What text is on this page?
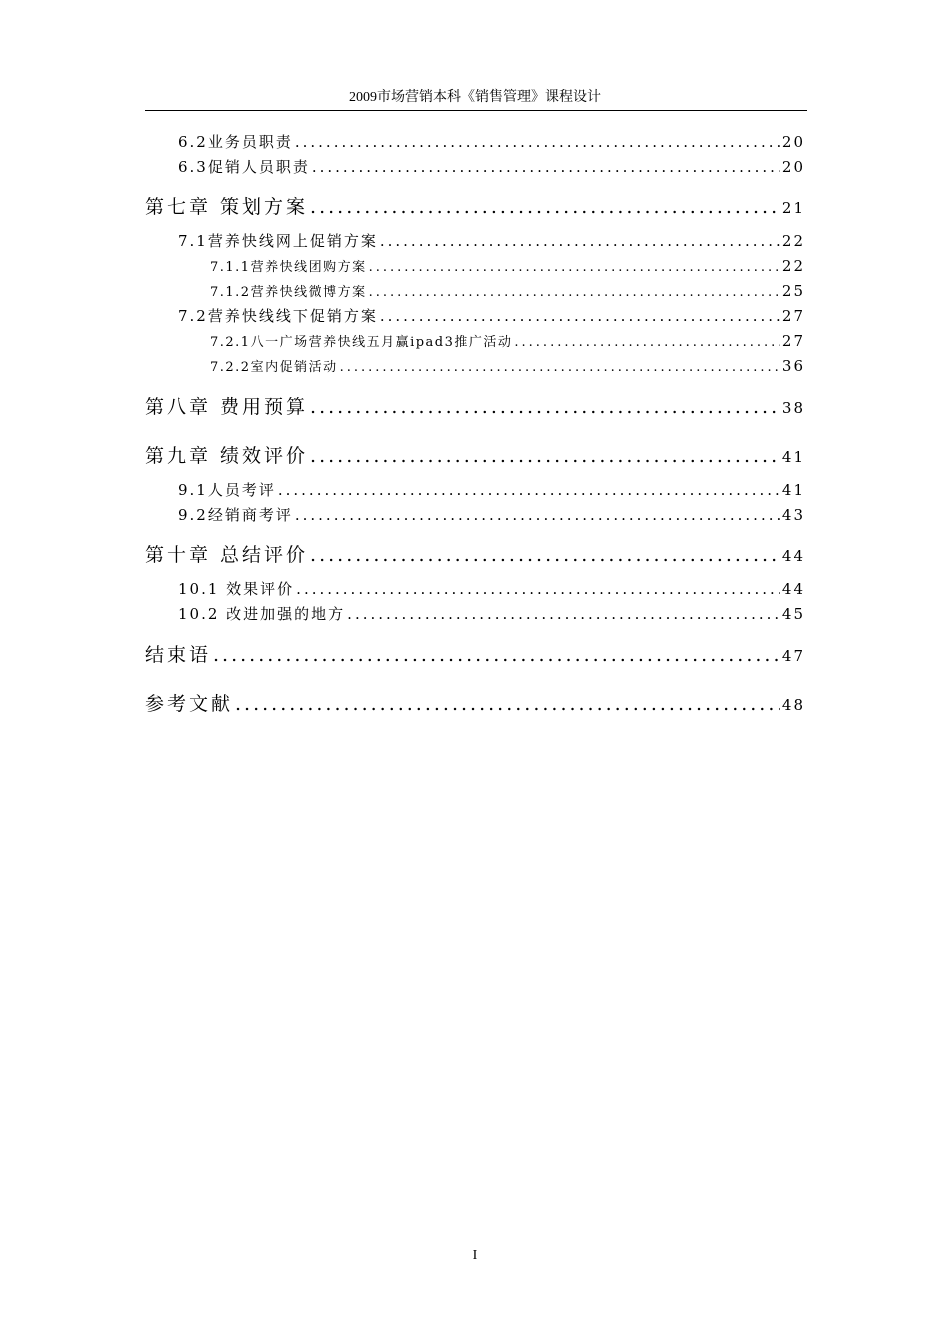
2009市场营销本科《销售管理》课程设计
6.2业务员职责 .....	20
6.3促销人员职责 .....	20
第七章 策划方案 .....	21
7.1营养快线网上促销方案 .....	22
7.1.1营养快线团购方案 .....	22
7.1.2营养快线微博方案 .....	25
7.2营养快线线下促销方案 .....	27
7.2.1八一广场营养快线五月赢ipad3推广活动 .....	27
7.2.2室内促销活动 .....	36
第八章 费用预算 .....	38
第九章 绩效评价 .....	41
9.1人员考评 .....	41
9.2经销商考评 .....	43
第十章 总结评价 .....	44
10.1 效果评价 .....	44
10.2 改进加强的地方 .....	45
结束语 .....	47
参考文献 .....	48
I
